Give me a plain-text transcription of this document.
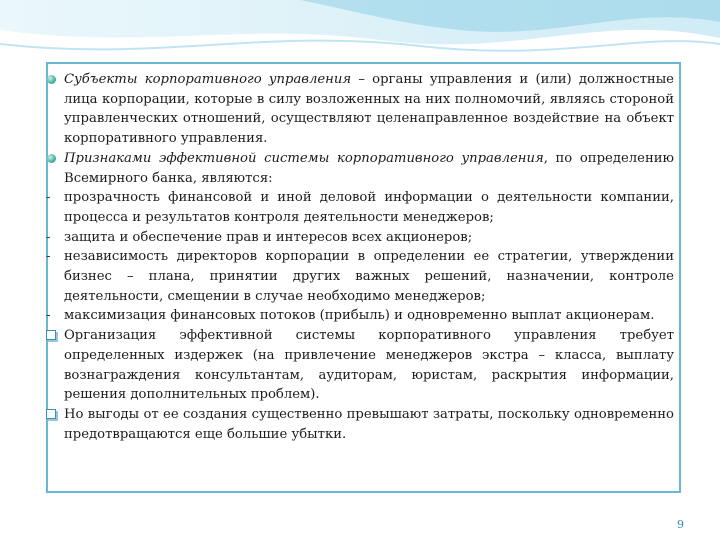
Субъекты корпоративного управления – органы управления и (или) должностные лица корпорации, которые в силу возложенных на них полномочий, являясь стороной управленческих отношений, осуществляют целенаправленное воздействие на объект корпоративного управления.
Признаками эффективной системы корпоративного управления, по определению Всемирного банка, являются:
- прозрачность финансовой и иной деловой информации о деятельности компании, процесса и результатов контроля деятельности менеджеров;
- защита и обеспечение прав и интересов всех акционеров;
- независимость директоров корпорации в определении ее стратегии, утверждении бизнес – плана, принятии других важных решений, назначении, контроле деятельности, смещении в случае необходимо менеджеров;
- максимизация финансовых потоков (прибыль) и одновременно выплат акционерам.
Организация эффективной системы корпоративного управления требует определенных издержек (на привлечение менеджеров экстра – класса, выплату вознаграждения консультантам, аудиторам, юристам, раскрытия информации, решения дополнительных проблем).
Но выгоды от ее создания существенно превышают затраты, поскольку одновременно предотвращаются еще большие убытки.
9
